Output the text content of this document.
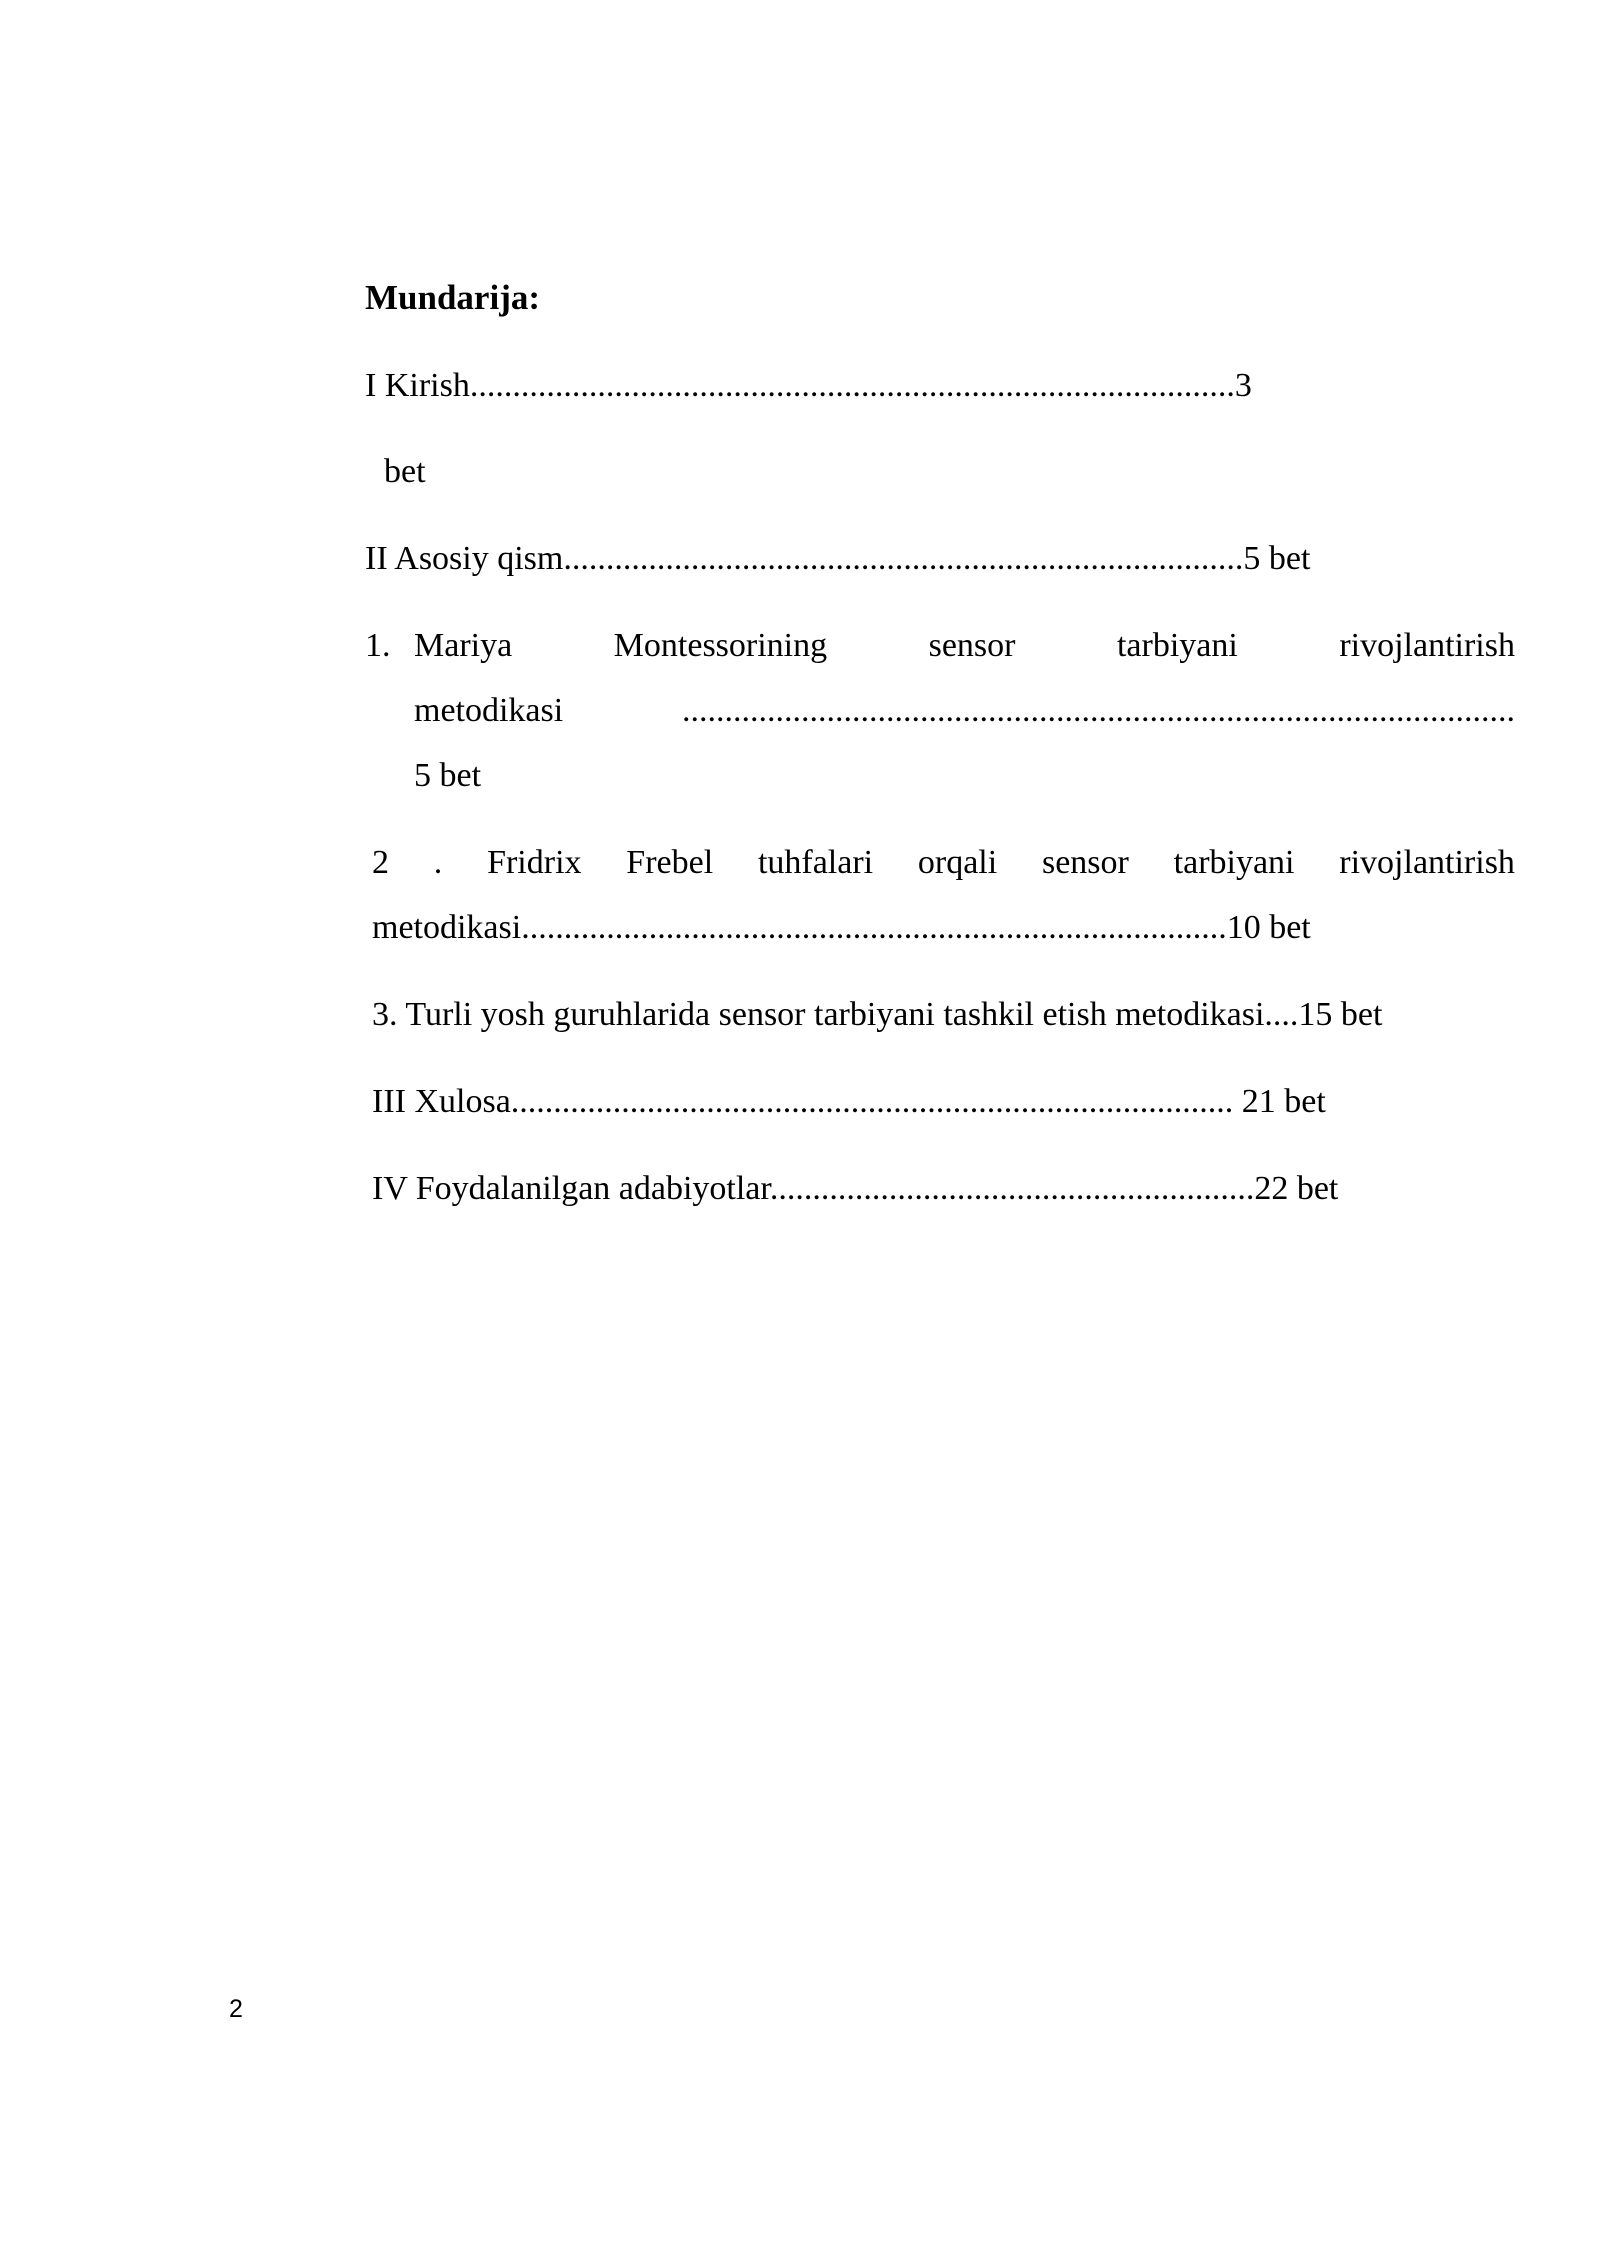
Mundarija:
I Kirish..........................................................................................3
bet
II Asosiy qism................................................................................5 bet
1. Mariya	Montessorining	sensor	tarbiyani	rivojlantirish
metodikasi	..................................................................................................
5 bet
2 . Fridrix Frebel tuhfalari orqali sensor tarbiyani rivojlantirish
metodikasi...................................................................................10 bet
3. Turli yosh guruhlarida sensor tarbiyani tashkil etish metodikasi....15 bet
III Xulosa..................................................................................... 21 bet
IV Foydalanilgan adabiyotlar.........................................................22 bet
2
